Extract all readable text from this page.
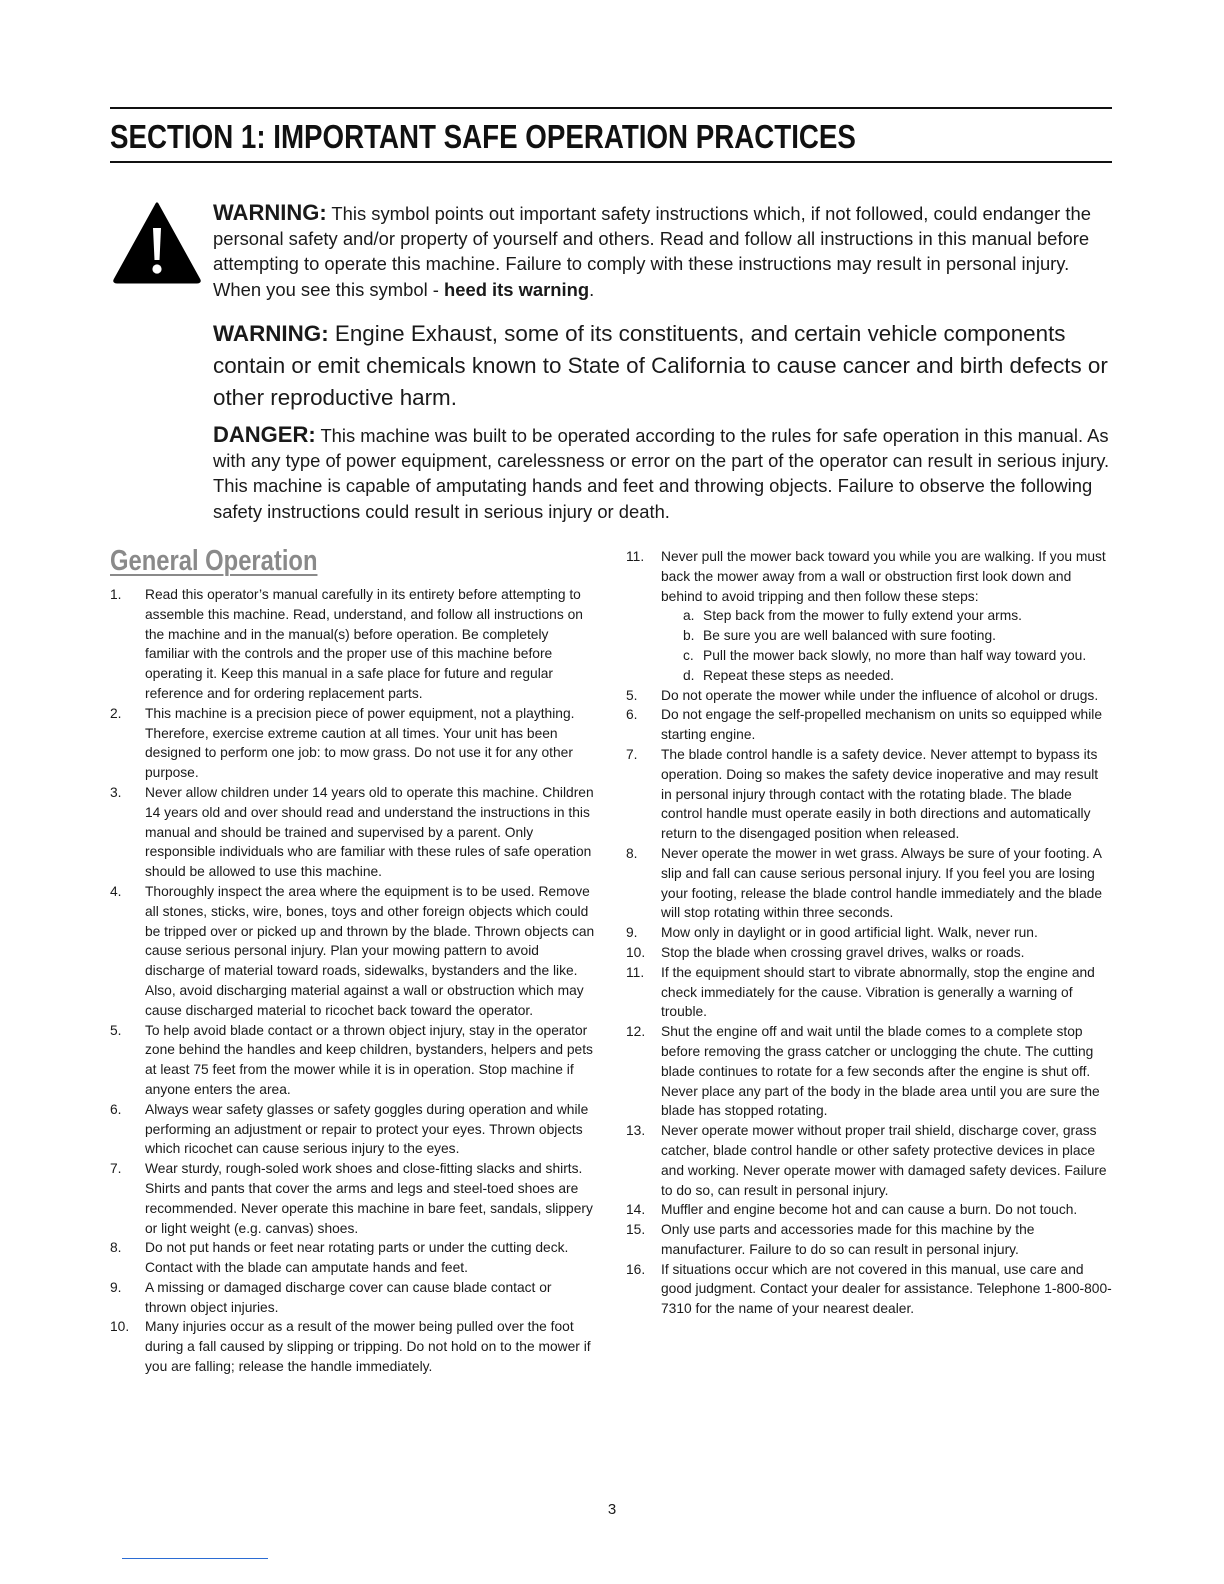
SECTION 1: IMPORTANT SAFE OPERATION PRACTICES

WARNING: This symbol points out important safety instructions which, if not followed, could endanger the personal safety and/or property of yourself and others. Read and follow all instructions in this manual before attempting to operate this machine. Failure to comply with these instructions may result in personal injury. When you see this symbol - heed its warning.

WARNING: Engine Exhaust, some of its constituents, and certain vehicle components contain or emit chemicals known to State of California to cause cancer and birth defects or other reproductive harm.

DANGER: This machine was built to be operated according to the rules for safe operation in this manual. As with any type of power equipment, carelessness or error on the part of the operator can result in serious injury. This machine is capable of amputating hands and feet and throwing objects. Failure to observe the following safety instructions could result in serious injury or death.

General Operation
1.	Read this operator’s manual carefully in its entirety before attempting to assemble this machine. Read, understand, and follow all instructions on the machine and in the manual(s) before operation. Be completely familiar with the controls and the proper use of this machine before operating it. Keep this manual in a safe place for future and regular reference and for ordering replacement parts.
2.	This machine is a precision piece of power equipment, not a plaything. Therefore, exercise extreme caution at all times. Your unit has been designed to perform one job: to mow grass. Do not use it for any other purpose.
3.	Never allow children under 14 years old to operate this machine. Children 14 years old and over should read and understand the instructions in this manual and should be trained and supervised by a parent. Only responsible individuals who are familiar with these rules of safe operation should be allowed to use this machine.
4.	Thoroughly inspect the area where the equipment is to be used. Remove all stones, sticks, wire, bones, toys and other foreign objects which could be tripped over or picked up and thrown by the blade. Thrown objects can cause serious personal injury. Plan your mowing pattern to avoid discharge of material toward roads, sidewalks, bystanders and the like. Also, avoid discharging material against a wall or obstruction which may cause discharged material to ricochet back toward the operator.
5.	To help avoid blade contact or a thrown object injury, stay in the operator zone behind the handles and keep children, bystanders, helpers and pets at least 75 feet from the mower while it is in operation. Stop machine if anyone enters the area.
6.	Always wear safety glasses or safety goggles during operation and while performing an adjustment or repair to protect your eyes. Thrown objects which ricochet can cause serious injury to the eyes.
7.	Wear sturdy, rough-soled work shoes and close-fitting slacks and shirts. Shirts and pants that cover the arms and legs and steel-toed shoes are recommended. Never operate this machine in bare feet, sandals, slippery or light weight (e.g. canvas) shoes.
8.	Do not put hands or feet near rotating parts or under the cutting deck. Contact with the blade can amputate hands and feet.
9.	A missing or damaged discharge cover can cause blade contact or thrown object injuries.
10.	Many injuries occur as a result of the mower being pulled over the foot during a fall caused by slipping or tripping. Do not hold on to the mower if you are falling; release the handle immediately.
11.	Never pull the mower back toward you while you are walking. If you must back the mower away from a wall or obstruction first look down and behind to avoid tripping and then follow these steps:
a. Step back from the mower to fully extend your arms.
b. Be sure you are well balanced with sure footing.
c. Pull the mower back slowly, no more than half way toward you.
d. Repeat these steps as needed.
5.	Do not operate the mower while under the influence of alcohol or drugs.
6.	Do not engage the self-propelled mechanism on units so equipped while starting engine.
7.	The blade control handle is a safety device. Never attempt to bypass its operation. Doing so makes the safety device inoperative and may result in personal injury through contact with the rotating blade. The blade control handle must operate easily in both directions and automatically return to the disengaged position when released.
8.	Never operate the mower in wet grass. Always be sure of your footing. A slip and fall can cause serious personal injury. If you feel you are losing your footing, release the blade control handle immediately and the blade will stop rotating within three seconds.
9.	Mow only in daylight or in good artificial light. Walk, never run.
10.	Stop the blade when crossing gravel drives, walks or roads.
11.	If the equipment should start to vibrate abnormally, stop the engine and check immediately for the cause. Vibration is generally a warning of trouble.
12.	Shut the engine off and wait until the blade comes to a complete stop before removing the grass catcher or unclogging the chute. The cutting blade continues to rotate for a few seconds after the engine is shut off. Never place any part of the body in the blade area until you are sure the blade has stopped rotating.
13.	Never operate mower without proper trail shield, discharge cover, grass catcher, blade control handle or other safety protective devices in place and working. Never operate mower with damaged safety devices. Failure to do so, can result in personal injury.
14.	Muffler and engine become hot and can cause a burn. Do not touch.
15.	Only use parts and accessories made for this machine by the manufacturer. Failure to do so can result in personal injury.
16.	If situations occur which are not covered in this manual, use care and good judgment. Contact your dealer for assistance. Telephone 1-800-800-7310 for the name of your nearest dealer.
3
